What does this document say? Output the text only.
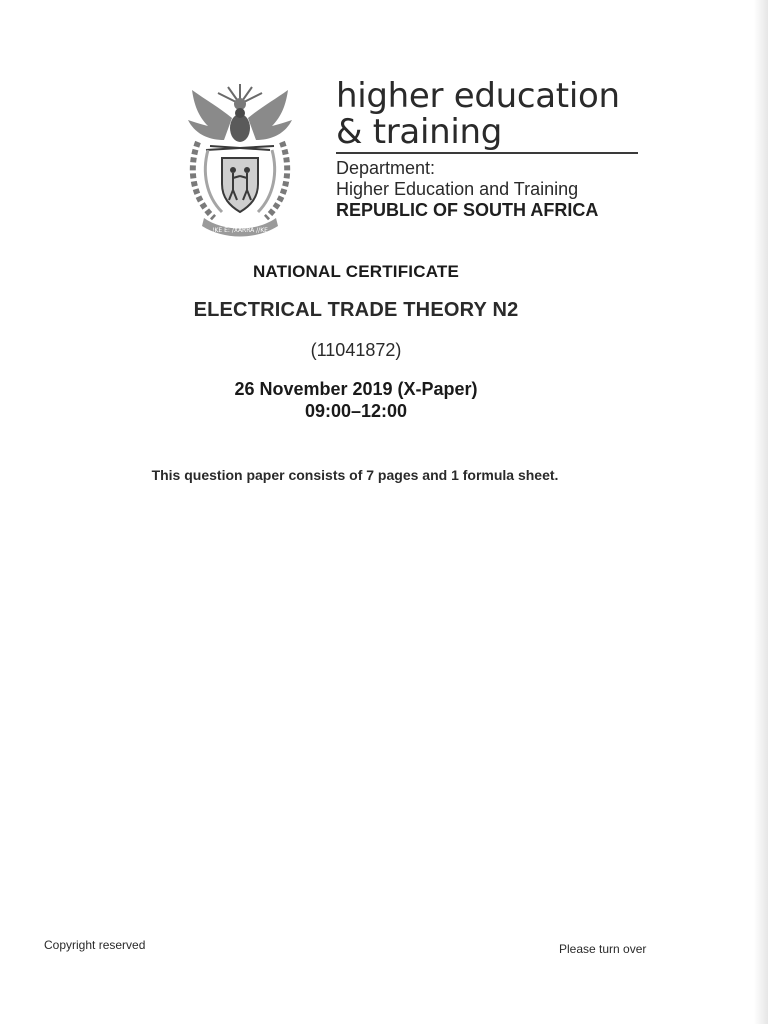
!KE E: /XARRA //KE
higher education
& training
Department:
Higher Education and Training
REPUBLIC OF SOUTH AFRICA
NATIONAL CERTIFICATE
ELECTRICAL TRADE THEORY N2
(11041872)
26 November 2019 (X-Paper)
09:00–12:00
This question paper consists of 7 pages and 1 formula sheet.
Copyright reserved	Please turn over
